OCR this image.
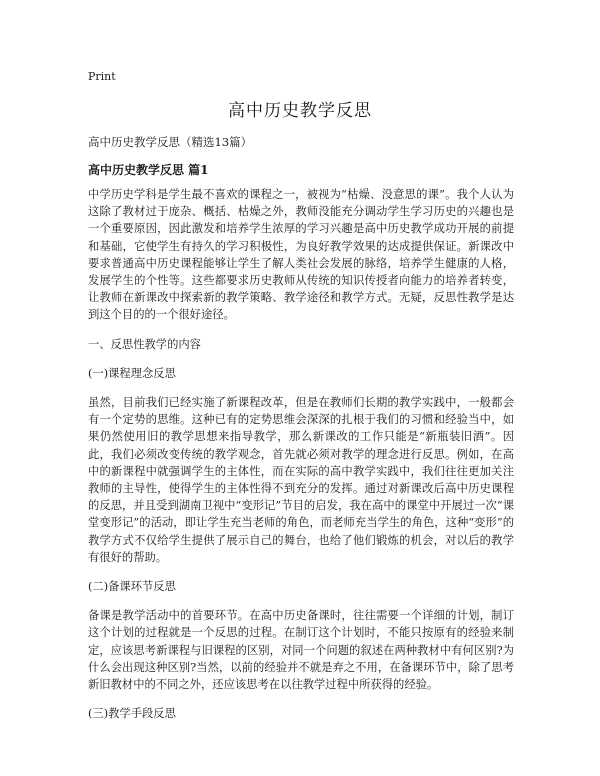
Print
高中历史教学反思
高中历史教学反思（精选13篇）
高中历史教学反思 篇1

中学历史学科是学生最不喜欢的课程之一，被视为“枯燥、没意思的课”。我个人认为这除了教材过于庞杂、概括、枯燥之外，教师没能充分调动学生学习历史的兴趣也是一个重要原因，因此激发和培养学生浓厚的学习兴趣是高中历史教学成功开展的前提和基础，它使学生有持久的学习积极性，为良好教学效果的达成提供保证。新课改中要求普通高中历史课程能够让学生了解人类社会发展的脉络，培养学生健康的人格，发展学生的个性等。这些都要求历史教师从传统的知识传授者向能力的培养者转变，让教师在新课改中探索新的教学策略、教学途径和教学方式。无疑，反思性教学是达到这个目的的一个很好途径。

一、反思性教学的内容

(一)课程理念反思

虽然，目前我们已经实施了新课程改革，但是在教师们长期的教学实践中，一般都会有一个定势的思维。这种已有的定势思维会深深的扎根于我们的习惯和经验当中，如果仍然使用旧的教学思想来指导教学，那么新课改的工作只能是“新瓶装旧酒”。因此，我们必须改变传统的教学观念，首先就必须对教学的理念进行反思。例如，在高中的新课程中就强调学生的主体性，而在实际的高中教学实践中，我们往往更加关注教师的主导性，使得学生的主体性得不到充分的发挥。通过对新课改后高中历史课程的反思，并且受到湖南卫视中“变形记”节目的启发，我在高中的课堂中开展过一次“课堂变形记”的活动，即让学生充当老师的角色，而老师充当学生的角色，这种“变形”的教学方式不仅给学生提供了展示自己的舞台，也给了他们锻炼的机会，对以后的教学有很好的帮助。

(二)备课环节反思

备课是教学活动中的首要环节。在高中历史备课时，往往需要一个详细的计划，制订这个计划的过程就是一个反思的过程。在制订这个计划时，不能只按原有的经验来制定，应该思考新课程与旧课程的区别，对同一个问题的叙述在两种教材中有何区别?为什么会出现这种区别?当然，以前的经验并不就是弃之不用，在备课环节中，除了思考新旧教材中的不同之外，还应该思考在以往教学过程中所获得的经验。

(三)教学手段反思
